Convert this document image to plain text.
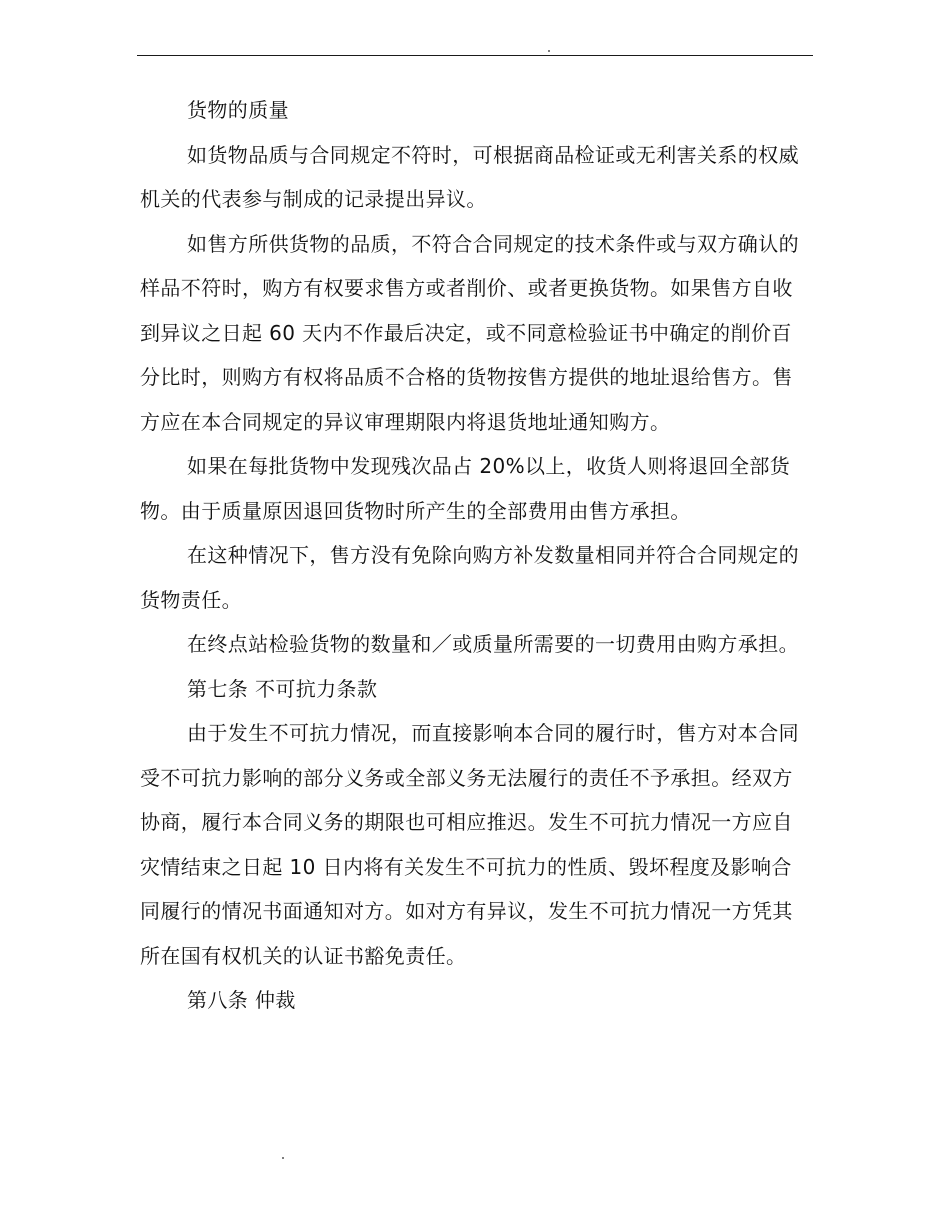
货物的质量

如货物品质与合同规定不符时，可根据商品检证或无利害关系的权威机关的代表参与制成的记录提出异议。

如售方所供货物的品质，不符合合同规定的技术条件或与双方确认的样品不符时，购方有权要求售方或者削价、或者更换货物。如果售方自收到异议之日起 60 天内不作最后决定，或不同意检验证书中确定的削价百分比时，则购方有权将品质不合格的货物按售方提供的地址退给售方。售方应在本合同规定的异议审理期限内将退货地址通知购方。

如果在每批货物中发现残次品占 20%以上，收货人则将退回全部货物。由于质量原因退回货物时所产生的全部费用由售方承担。

在这种情况下，售方没有免除向购方补发数量相同并符合合同规定的货物责任。

在终点站检验货物的数量和／或质量所需要的一切费用由购方承担。

第七条 不可抗力条款

由于发生不可抗力情况，而直接影响本合同的履行时，售方对本合同受不可抗力影响的部分义务或全部义务无法履行的责任不予承担。经双方协商，履行本合同义务的期限也可相应推迟。发生不可抗力情况一方应自灾情结束之日起 10 日内将有关发生不可抗力的性质、毁坏程度及影响合同履行的情况书面通知对方。如对方有异议，发生不可抗力情况一方凭其所在国有权机关的认证书豁免责任。

第八条 仲裁
